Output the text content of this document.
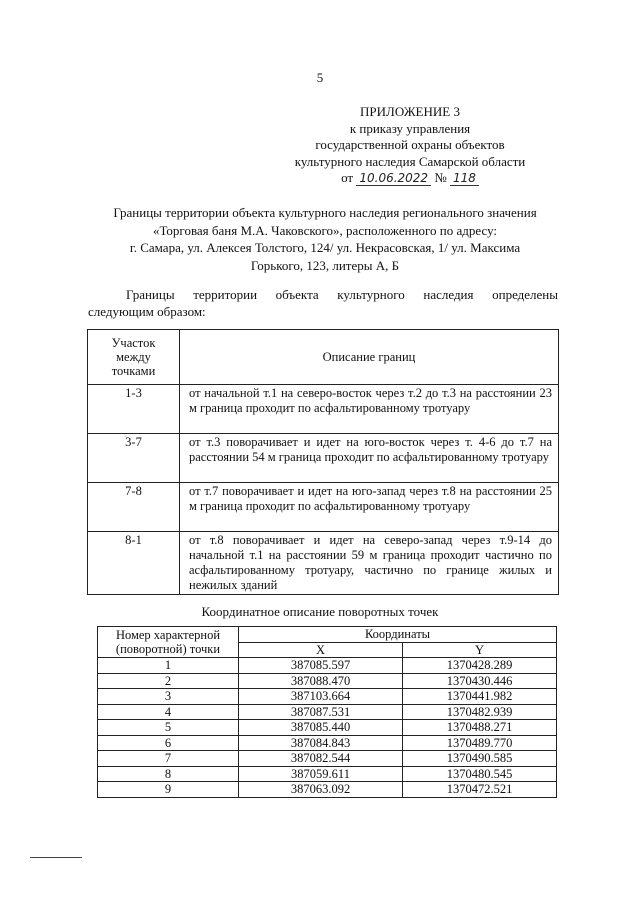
5
ПРИЛОЖЕНИЕ 3
к приказу управления
государственной охраны объектов
культурного наследия Самарской области
от 10.06.2022 № 118
Границы территории объекта культурного наследия регионального значения
«Торговая баня М.А. Чаковского», расположенного по адресу:
г. Самара, ул. Алексея Толстого, 124/ ул. Некрасовская, 1/ ул. Максима
Горького, 123, литеры А, Б
Границы территории объекта культурного наследия определены
следующим образом:
Участок
между
точками	Описание границ
1-3	от начальной т.1 на северо-восток через т.2 до т.3 на расстоянии 23 м граница проходит по асфальтированному тротуару
3-7	от т.3 поворачивает и идет на юго-восток через т. 4-6 до т.7 на расстоянии 54 м граница проходит по асфальтированному тротуару
7-8	от т.7 поворачивает и идет на юго-запад через т.8 на расстоянии 25 м граница проходит по асфальтированному тротуару
8-1	от т.8 поворачивает и идет на северо-запад через т.9-14 до начальной т.1 на расстоянии 59 м граница проходит частично по асфальтированному тротуару, частично по границе жилых и нежилых зданий
Координатное описание поворотных точек
Номер характерной
(поворотной) точки	Координаты	
	X	Y
1	387085.597	1370428.289
2	387088.470	1370430.446
3	387103.664	1370441.982
4	387087.531	1370482.939
5	387085.440	1370488.271
6	387084.843	1370489.770
7	387082.544	1370490.585
8	387059.611	1370480.545
9	387063.092	1370472.521
